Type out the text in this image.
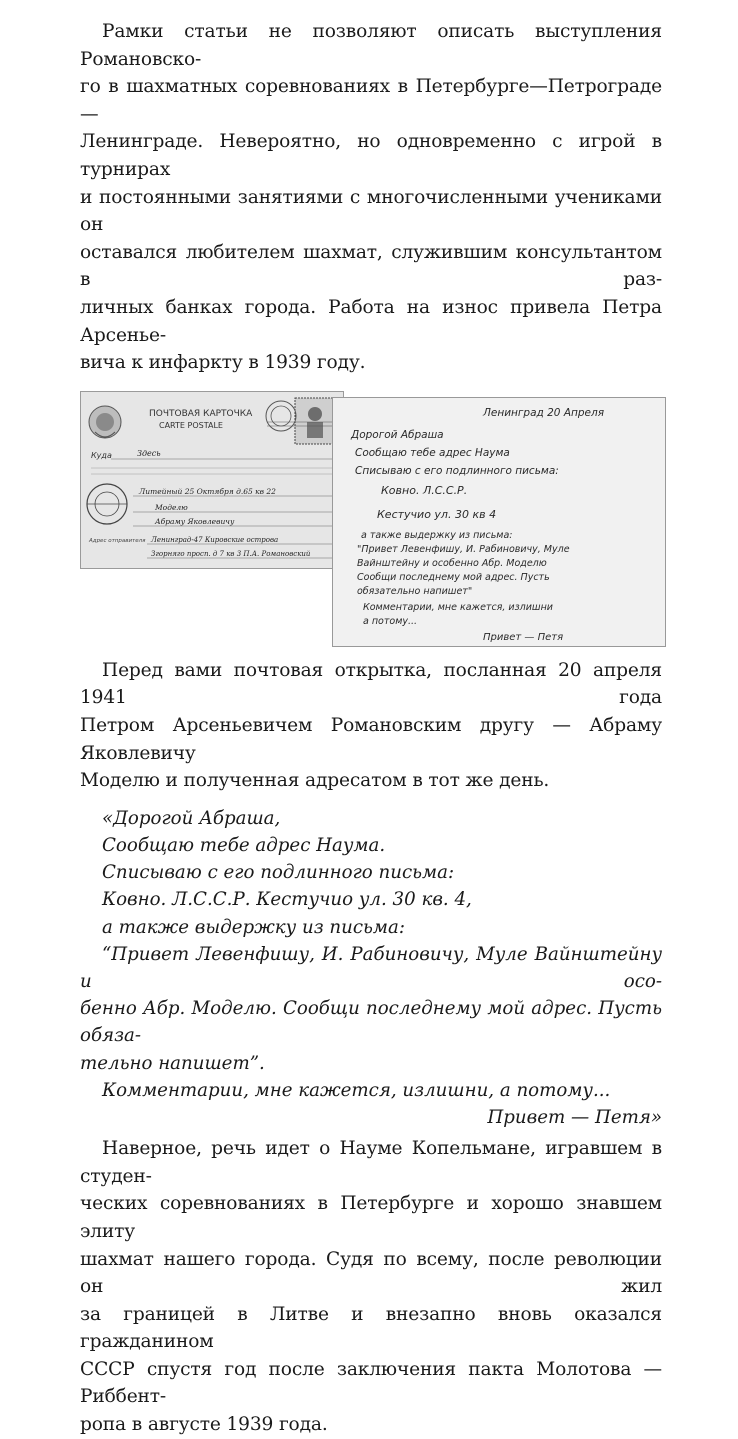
Рамки статьи не позволяют описать выступления Романовско-
го в шахматных соревнованиях в Петербурге—Петрограде—
Ленинграде. Невероятно, но одновременно с игрой в турнирах
и постоянными занятиями с многочисленными учениками он
оставался любителем шахмат, служившим консультантом в раз-
личных банках города. Работа на износ привела Петра Арсенье-
вича к инфаркту в 1939 году.

ПОЧТОВАЯ КАРТОЧКА
CARTE POSTALE
Куда	Здесь
Литейный 25 Октября д.65 кв 22
Моделю
Абраму Яковлевичу
Адрес отправителя Ленинград-47 Кировские острова
Згорняго просп. д 7 кв 3 П.А. Романовский
Ленинград 20 Апреля
Дорогой Абраша
Сообщаю тебе адрес Наума
Списываю с его подлинного письма:
Ковно. Л.С.С.Р.
Кестучио ул. 30 кв 4
а также выдержку из письма:
"Привет Левенфишу, И. Рабиновичу, Муле
Вайнштейну и особенно Абр. Моделю
Сообщи последнему мой адрес. Пусть
обязательно напишет"
Комментарии, мне кажется, излишни
а потому...
Привет — Петя

Перед вами почтовая открытка, посланная 20 апреля 1941 года
Петром Арсеньевичем Романовским другу — Абраму Яковлевичу
Моделю и полученная адресатом в тот же день.

«Дорогой Абраша,
Сообщаю тебе адрес Наума.
Списываю с его подлинного письма:
Ковно. Л.С.С.Р. Кестучио ул. 30 кв. 4,
а также выдержку из письма:
“Привет Левенфишу, И. Рабиновичу, Муле Вайнштейну и осо-
бенно Абр. Моделю. Сообщи последнему мой адрес. Пусть обяза-
тельно напишет”.
Комментарии, мне кажется, излишни, а потому...
Привет — Петя»

Наверное, речь идет о Науме Копельмане, игравшем в студен-
ческих соревнованиях в Петербурге и хорошо знавшем элиту
шахмат нашего города. Судя по всему, после революции он жил
за границей в Литве и внезапно вновь оказался гражданином
СССР спустя год после заключения пакта Молотова — Риббент-
ропа в августе 1939 года.
